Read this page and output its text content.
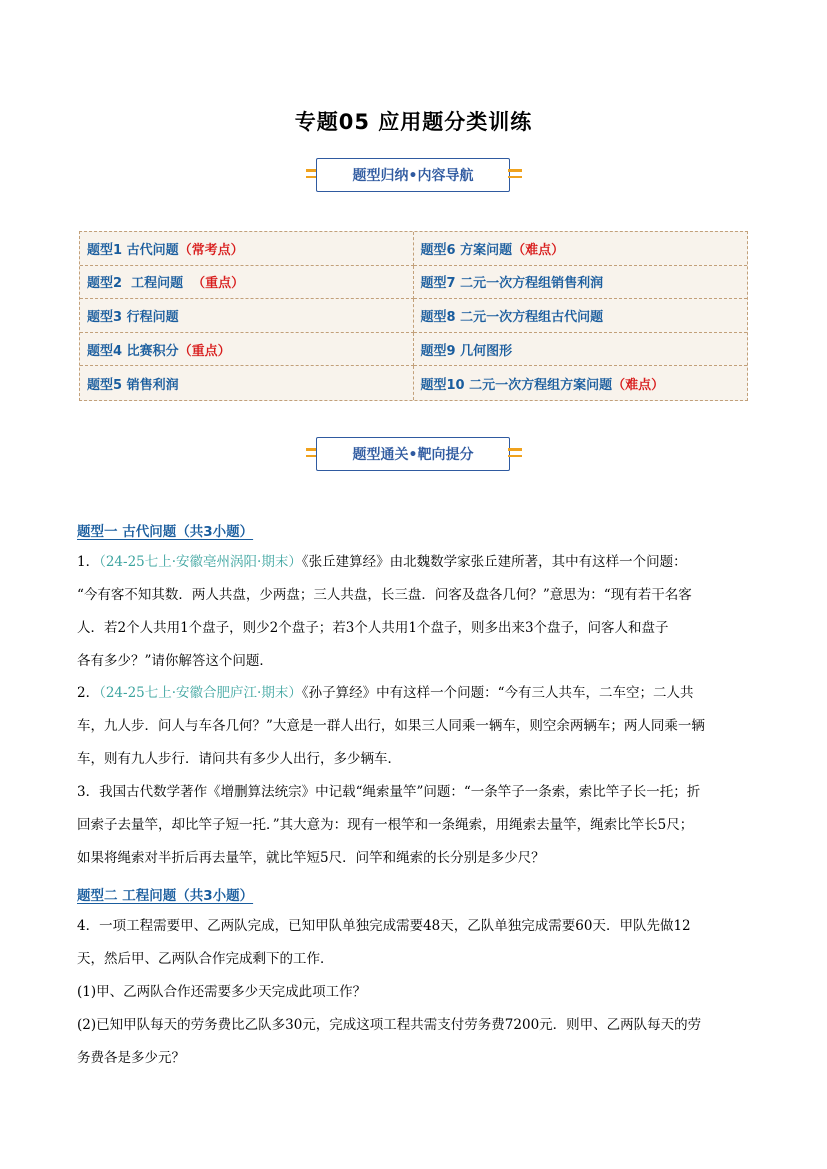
专题05 应用题分类训练
题型归纳•内容导航
题型1 古代问题 （常考点）	题型6 方案问题 （难点）
题型2  工程问题 （重点）	题型7 二元一次方程组销售利润
题型3 行程问题	题型8 二元一次方程组古代问题
题型4 比赛积分 （重点）	题型9 几何图形
题型5 销售利润	题型10 二元一次方程组方案问题 （难点）
题型通关•靶向提分
题型一 古代问题（共3小题）
1．（24-25七上·安徽亳州涡阳·期末）《张丘建算经》由北魏数学家张丘建所著，其中有这样一个问题：
“今有客不知其数．两人共盘，少两盘；三人共盘，长三盘．问客及盘各几何？”意思为：“现有若干名客
人．若2个人共用1个盘子，则少2个盘子；若3个人共用1个盘子，则多出来3个盘子，问客人和盘子
各有多少？”请你解答这个问题．
2．（24-25七上·安徽合肥庐江·期末）《孙子算经》中有这样一个问题：“今有三人共车，二车空；二人共
车，九人步．问人与车各几何？”大意是一群人出行，如果三人同乘一辆车，则空余两辆车；两人同乘一辆
车，则有九人步行．请问共有多少人出行，多少辆车．
3．我国古代数学著作《增删算法统宗》中记载“绳索量竿”问题：“一条竿子一条索，索比竿子长一托；折
回索子去量竿，却比竿子短一托．”其大意为：现有一根竿和一条绳索，用绳索去量竿，绳索比竿长5尺；
如果将绳索对半折后再去量竿，就比竿短5尺．问竿和绳索的长分别是多少尺？
题型二 工程问题（共3小题）
4．一项工程需要甲、乙两队完成，已知甲队单独完成需要48天，乙队单独完成需要60天．甲队先做12
天，然后甲、乙两队合作完成剩下的工作．
(1)甲、乙两队合作还需要多少天完成此项工作？
(2)已知甲队每天的劳务费比乙队多30元，完成这项工程共需支付劳务费7200元．则甲、乙两队每天的劳
务费各是多少元？
